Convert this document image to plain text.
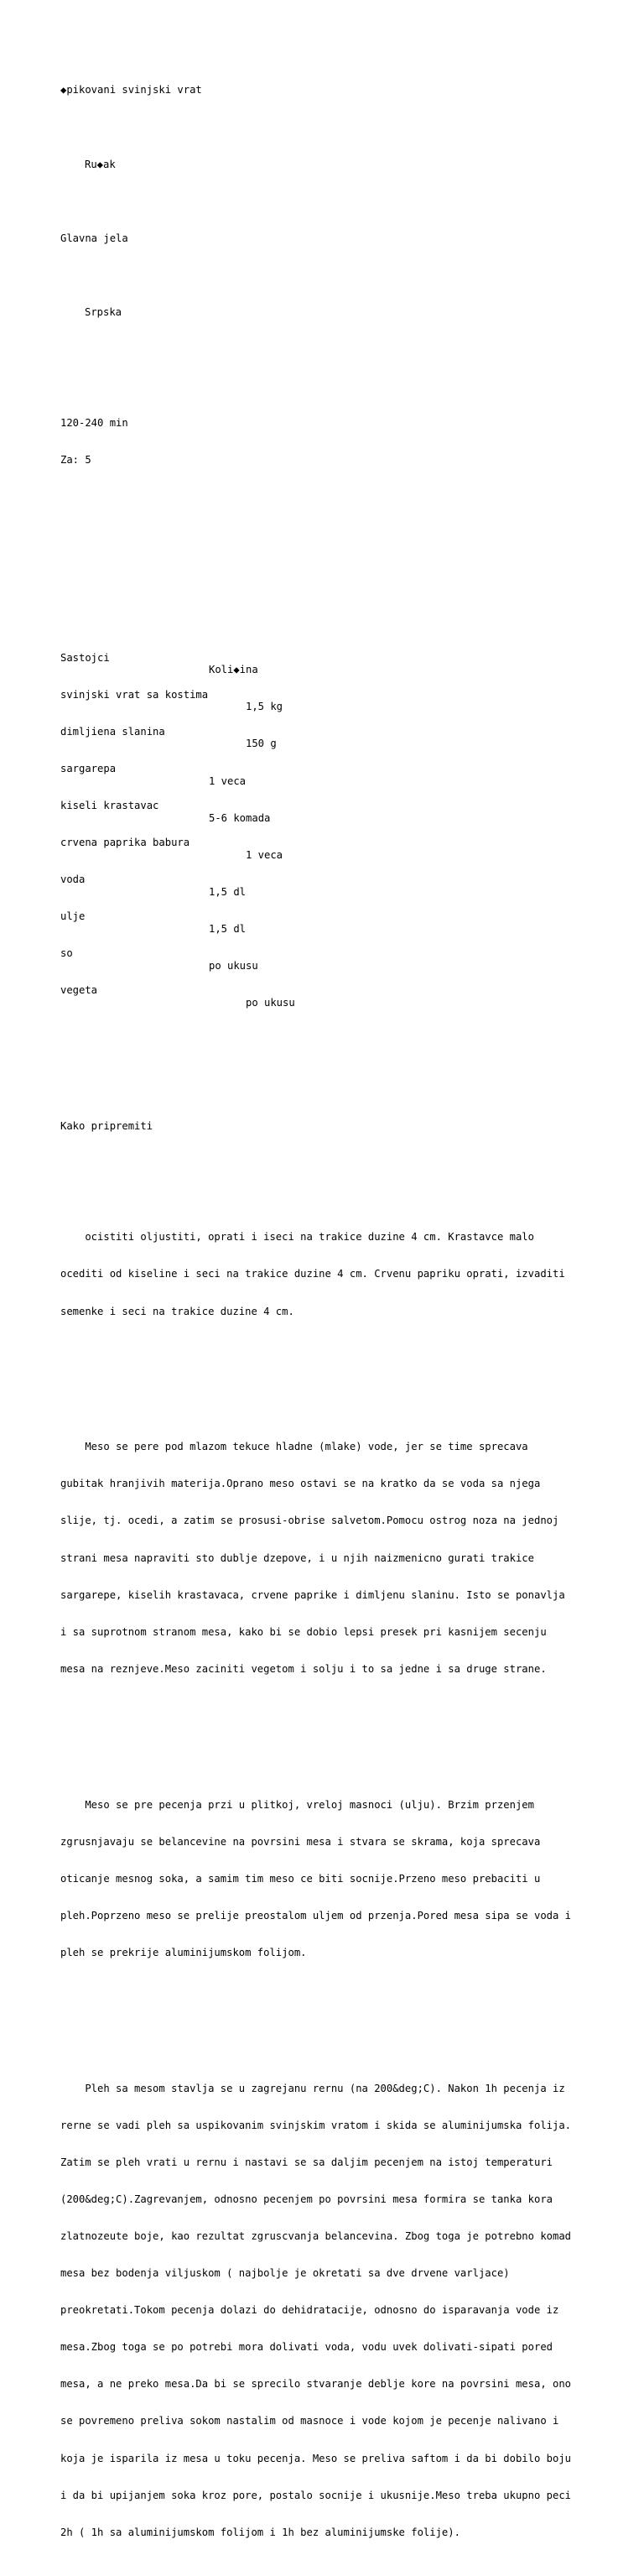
◆pikovani svinjski vrat

Ru◆ak

Glavna jela

Srpska

120-240 min

Za: 5

Sastojci

Koli◆ina

svinjski vrat sa kostima

1,5 kg

dimljiena slanina

150 g

sargarepa

1 veca

kiseli krastavac

5-6 komada

crvena paprika babura

1 veca

voda

1,5 dl

ulje

1,5 dl

so

po ukusu

vegeta

po ukusu

Kako pripremiti

ocistiti oljustiti, oprati i iseci na trakice duzine 4 cm. Krastavce malo

ocediti od kiseline i seci na trakice duzine 4 cm. Crvenu papriku oprati, izvaditi

semenke i seci na trakice duzine 4 cm.

Meso se pere pod mlazom tekuce hladne (mlake) vode, jer se time sprecava

gubitak hranjivih materija.Oprano meso ostavi se na kratko da se voda sa njega

slije, tj. ocedi, a zatim se prosusi-obrise salvetom.Pomocu ostrog noza na jednoj

strani mesa napraviti sto dublje dzepove, i u njih naizmenicno gurati trakice

sargarepe, kiselih krastavaca, crvene paprike i dimljenu slaninu. Isto se ponavlja

i sa suprotnom stranom mesa, kako bi se dobio lepsi presek pri kasnijem secenju

mesa na reznjeve.Meso zaciniti vegetom i solju i to sa jedne i sa druge strane.

Meso se pre pecenja przi u plitkoj, vreloj masnoci (ulju). Brzim przenjem

zgrusnjavaju se belancevine na povrsini mesa i stvara se skrama, koja sprecava

oticanje mesnog soka, a samim tim meso ce biti socnije.Przeno meso prebaciti u

pleh.Poprzeno meso se prelije preostalom uljem od przenja.Pored mesa sipa se voda i

pleh se prekrije aluminijumskom folijom.

Pleh sa mesom stavlja se u zagrejanu rernu (na 200&deg;C). Nakon 1h pecenja iz

rerne se vadi pleh sa uspikovanim svinjskim vratom i skida se aluminijumska folija.

Zatim se pleh vrati u rernu i nastavi se sa daljim pecenjem na istoj temperaturi

(200&deg;C).Zagrevanjem, odnosno pecenjem po povrsini mesa formira se tanka kora

zlatnozeute boje, kao rezultat zgruscvanja belancevina. Zbog toga je potrebno komad

mesa bez bodenja viljuskom ( najbolje je okretati sa dve drvene varljace)

preokretati.Tokom pecenja dolazi do dehidratacije, odnosno do isparavanja vode iz

mesa.Zbog toga se po potrebi mora dolivati voda, vodu uvek dolivati-sipati pored

mesa, a ne preko mesa.Da bi se sprecilo stvaranje deblje kore na povrsini mesa, ono

se povremeno preliva sokom nastalim od masnoce i vode kojom je pecenje nalivano i

koja je isparila iz mesa u toku pecenja. Meso se preliva saftom i da bi dobilo boju

i da bi upijanjem soka kroz pore, postalo socnije i ukusnije.Meso treba ukupno peci

2h ( 1h sa aluminijumskom folijom i 1h bez aluminijumske folije).
